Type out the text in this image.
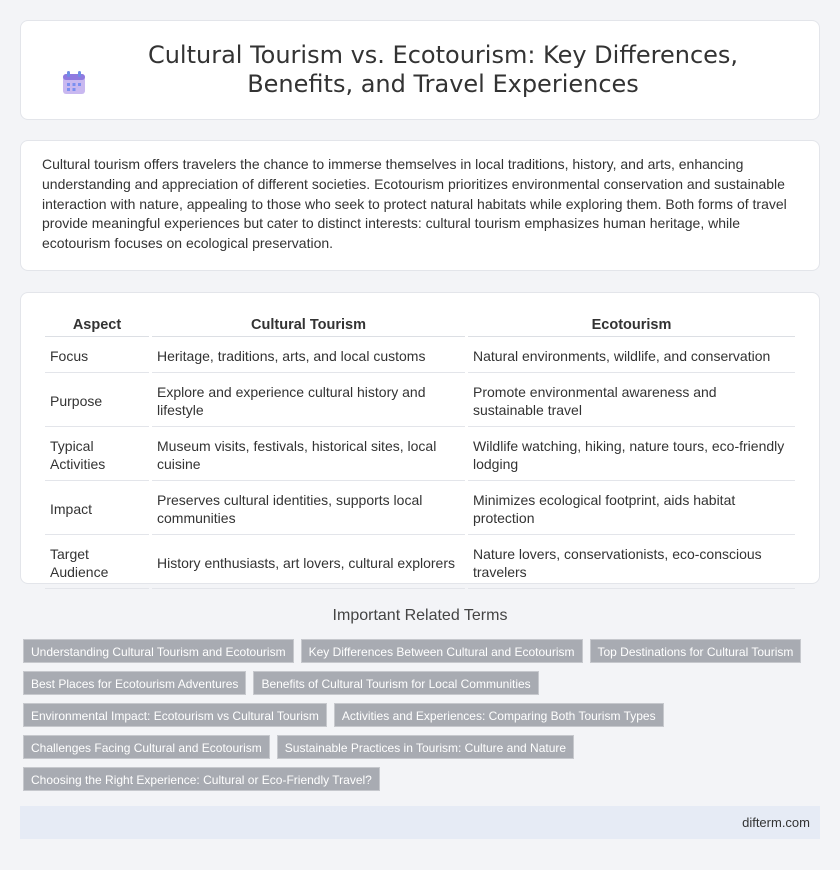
Cultural Tourism vs. Ecotourism: Key Differences, Benefits, and Travel Experiences

Cultural tourism offers travelers the chance to immerse themselves in local traditions, history, and arts, enhancing understanding and appreciation of different societies. Ecotourism prioritizes environmental conservation and sustainable interaction with nature, appealing to those who seek to protect natural habitats while exploring them. Both forms of travel provide meaningful experiences but cater to distinct interests: cultural tourism emphasizes human heritage, while ecotourism focuses on ecological preservation.

Aspect	Cultural Tourism	Ecotourism
Focus	Heritage, traditions, arts, and local customs	Natural environments, wildlife, and conservation
Purpose	Explore and experience cultural history and lifestyle	Promote environmental awareness and sustainable travel
Typical Activities	Museum visits, festivals, historical sites, local cuisine	Wildlife watching, hiking, nature tours, eco-friendly lodging
Impact	Preserves cultural identities, supports local communities	Minimizes ecological footprint, aids habitat protection
Target Audience	History enthusiasts, art lovers, cultural explorers	Nature lovers, conservationists, eco-conscious travelers
Important Related Terms
Understanding Cultural Tourism and Ecotourism	Key Differences Between Cultural and Ecotourism	Top Destinations for Cultural Tourism
Best Places for Ecotourism Adventures	Benefits of Cultural Tourism for Local Communities
Environmental Impact: Ecotourism vs Cultural Tourism	Activities and Experiences: Comparing Both Tourism Types
Challenges Facing Cultural and Ecotourism	Sustainable Practices in Tourism: Culture and Nature
Choosing the Right Experience: Cultural or Eco-Friendly Travel?
difterm.com
